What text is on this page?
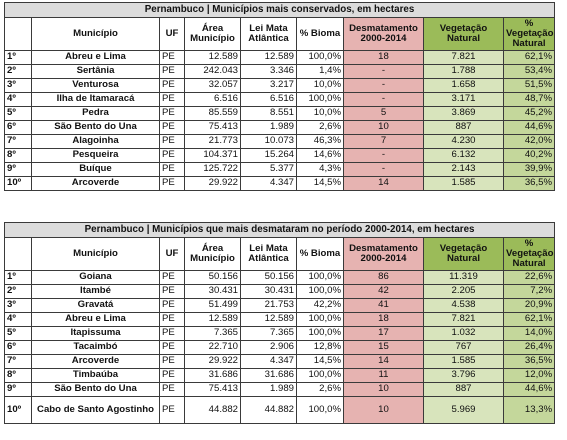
Pernambuco | Municípios mais conservados, em hectares								
	Município	UF	Área Município	Lei Mata Atlântica	% Bioma	Desmatamento 2000-2014	Vegetação Natural	% Vegetação Natural
1º	Abreu e Lima	PE	12.589	12.589	100,0%	18	7.821	62,1%
2º	Sertânia	PE	242.043	3.346	1,4%	-	1.788	53,4%
3º	Venturosa	PE	32.057	3.217	10,0%	-	1.658	51,5%
4º	Ilha de Itamaracá	PE	6.516	6.516	100,0%	-	3.171	48,7%
5º	Pedra	PE	85.559	8.551	10,0%	5	3.869	45,2%
6º	São Bento do Una	PE	75.413	1.989	2,6%	10	887	44,6%
7º	Alagoinha	PE	21.773	10.073	46,3%	7	4.230	42,0%
8º	Pesqueira	PE	104.371	15.264	14,6%	-	6.132	40,2%
9º	Buíque	PE	125.722	5.377	4,3%	-	2.143	39,9%
10º	Arcoverde	PE	29.922	4.347	14,5%	14	1.585	36,5%
Pernambuco | Municípios que mais desmataram no período 2000-2014, em hectares								
	Município	UF	Área Município	Lei Mata Atlântica	% Bioma	Desmatamento 2000-2014	Vegetação Natural	% Vegetação Natural
1º	Goiana	PE	50.156	50.156	100,0%	86	11.319	22,6%
2º	Itambé	PE	30.431	30.431	100,0%	42	2.205	7,2%
3º	Gravatá	PE	51.499	21.753	42,2%	41	4.538	20,9%
4º	Abreu e Lima	PE	12.589	12.589	100,0%	18	7.821	62,1%
5º	Itapissuma	PE	7.365	7.365	100,0%	17	1.032	14,0%
6º	Tacaimbó	PE	22.710	2.906	12,8%	15	767	26,4%
7º	Arcoverde	PE	29.922	4.347	14,5%	14	1.585	36,5%
8º	Timbaúba	PE	31.686	31.686	100,0%	11	3.796	12,0%
9º	São Bento do Una	PE	75.413	1.989	2,6%	10	887	44,6%
10º	Cabo de Santo Agostinho	PE	44.882	44.882	100,0%	10	5.969	13,3%
